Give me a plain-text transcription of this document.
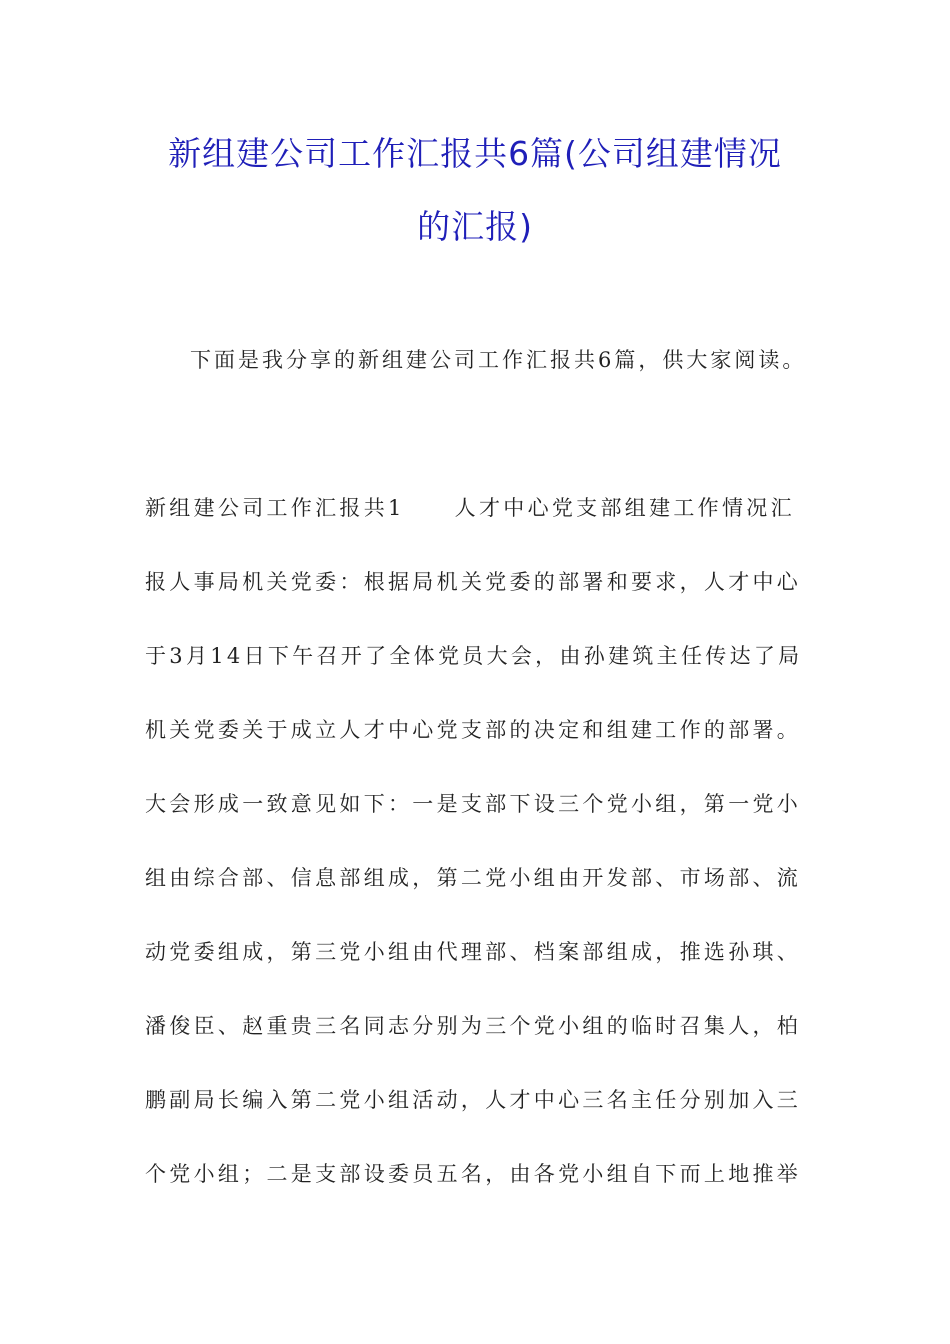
新组建公司工作汇报共6篇(公司组建情况
的汇报)
下面是我分享的新组建公司工作汇报共6篇，供大家阅读。
新组建公司工作汇报共1 人才中心党支部组建工作情况汇
报人事局机关党委：根据局机关党委的部署和要求，人才中心
于3月14日下午召开了全体党员大会，由孙建筑主任传达了局
机关党委关于成立人才中心党支部的决定和组建工作的部署。
大会形成一致意见如下：一是支部下设三个党小组，第一党小
组由综合部、信息部组成，第二党小组由开发部、市场部、流
动党委组成，第三党小组由代理部、档案部组成，推选孙琪、
潘俊臣、赵重贵三名同志分别为三个党小组的临时召集人，柏
鹏副局长编入第二党小组活动，人才中心三名主任分别加入三
个党小组；二是支部设委员五名，由各党小组自下而上地推举
